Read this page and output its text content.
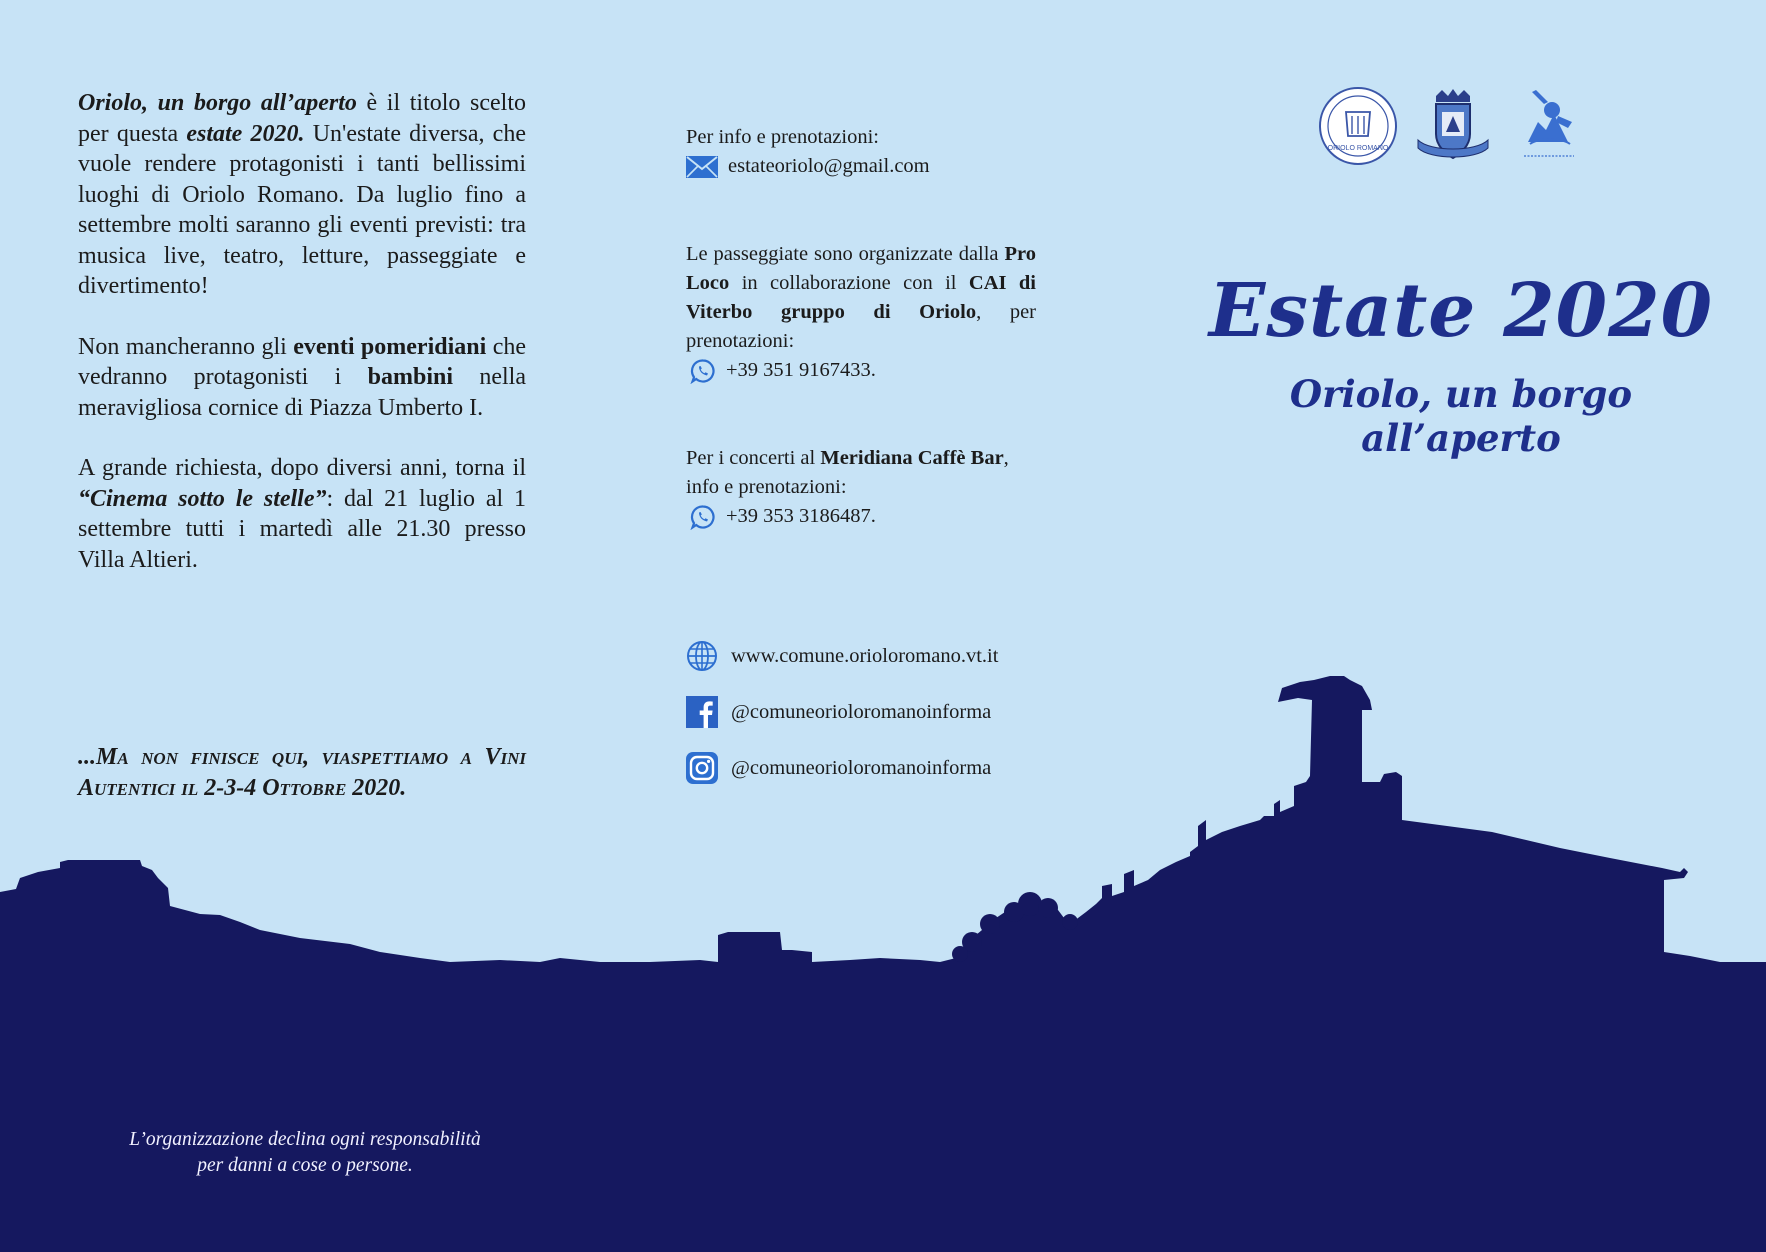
Oriolo, un borgo all’aperto è il titolo scelto per questa estate 2020. Un'estate diversa, che vuole rendere protagonisti i tanti bellissimi luoghi di Oriolo Romano. Da luglio fino a settembre molti saranno gli eventi previsti: tra musica live, teatro, letture, passeggiate e divertimento!

Non mancheranno gli eventi pomeridiani che vedranno protagonisti i bambini nella meravigliosa cornice di Piazza Umberto I.

A grande richiesta, dopo diversi anni, torna il “Cinema sotto le stelle”: dal 21 luglio al 1 settembre tutti i martedì alle 21.30 presso Villa Altieri.

...Ma non finisce qui, viaspettiamo a Vini Autentici il 2-3-4 Ottobre 2020.
L’organizzazione declina ogni responsabilità
per danni a cose o persone.

Per info e prenotazioni:

estateoriolo@gmail.com

Le passeggiate sono organizzate dalla Pro Loco in collaborazione con il CAI di Viterbo gruppo di Oriolo, per prenotazioni:

+39 351 9167433.

Per i concerti al Meridiana Caffè Bar,
info e prenotazioni:

+39 353 3186487.
www.comune.orioloromano.vt.it
@comuneorioloromanoinforma
@comuneorioloromanoinforma
ORIOLO ROMANO
Estate 2020
Oriolo, un borgo all’aperto
